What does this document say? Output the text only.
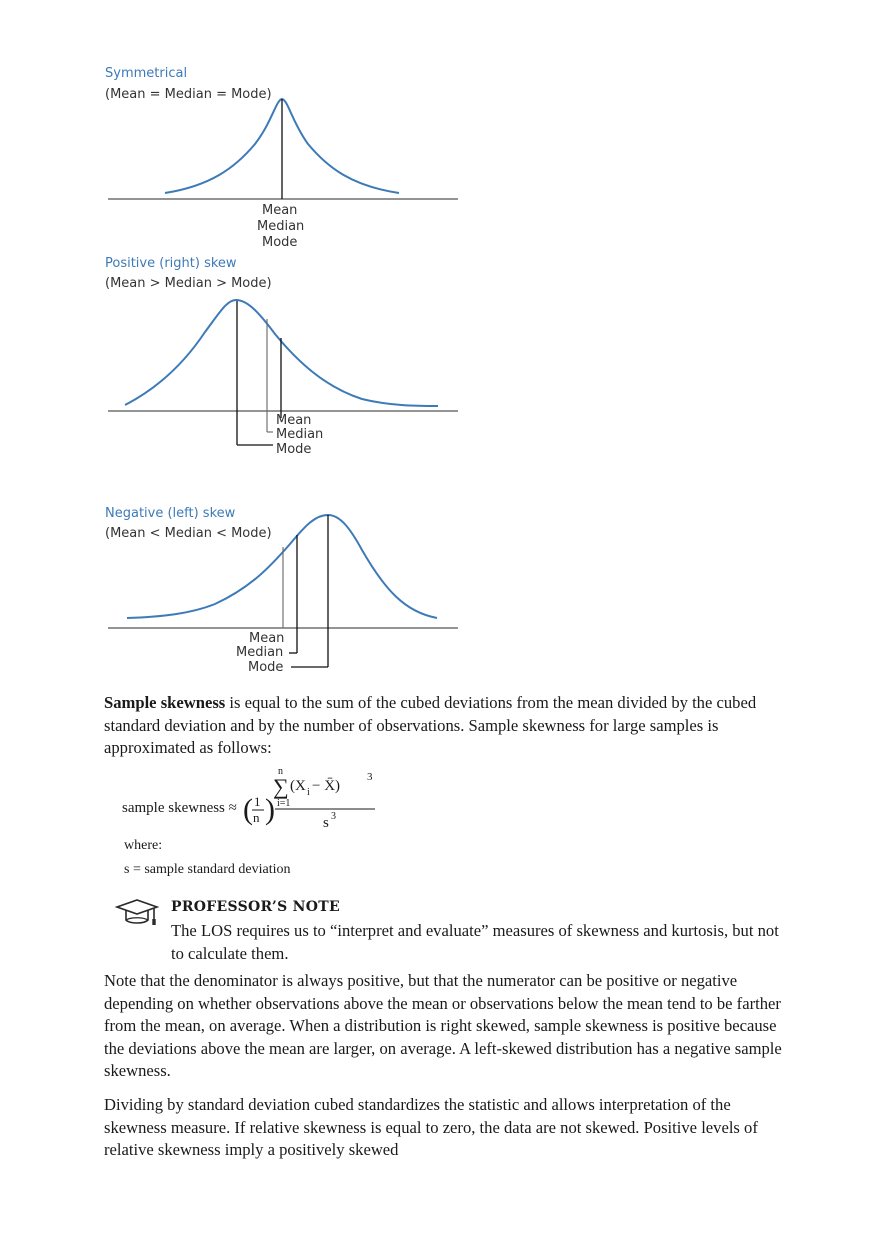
Symmetrical
(Mean = Median = Mode)
Mean
Median
Mode
Positive (right) skew
(Mean > Median > Mode)
Mean
Median
Mode
Negative (left) skew
(Mean < Median < Mode)
Mean
Median
Mode
Sample skewness is equal to the sum of the cubed deviations from the mean divided by the cubed standard deviation and by the number of observations. Sample skewness for large samples is approximated as follows:
sample skewness ≈ ( 1
n )
n
∑
i=1
(X i − X̄)
3
s 3
where:
s = sample standard deviation
PROFESSOR’S NOTE
The LOS requires us to “interpret and evaluate” measures of skewness and kurtosis, but not to calculate them.
Note that the denominator is always positive, but that the numerator can be positive or negative depending on whether observations above the mean or observations below the mean tend to be farther from the mean, on average. When a distribution is right skewed, sample skewness is positive because the deviations above the mean are larger, on average. A left-skewed distribution has a negative sample skewness.
Dividing by standard deviation cubed standardizes the statistic and allows interpretation of the skewness measure. If relative skewness is equal to zero, the data are not skewed. Positive levels of relative skewness imply a positively skewed
